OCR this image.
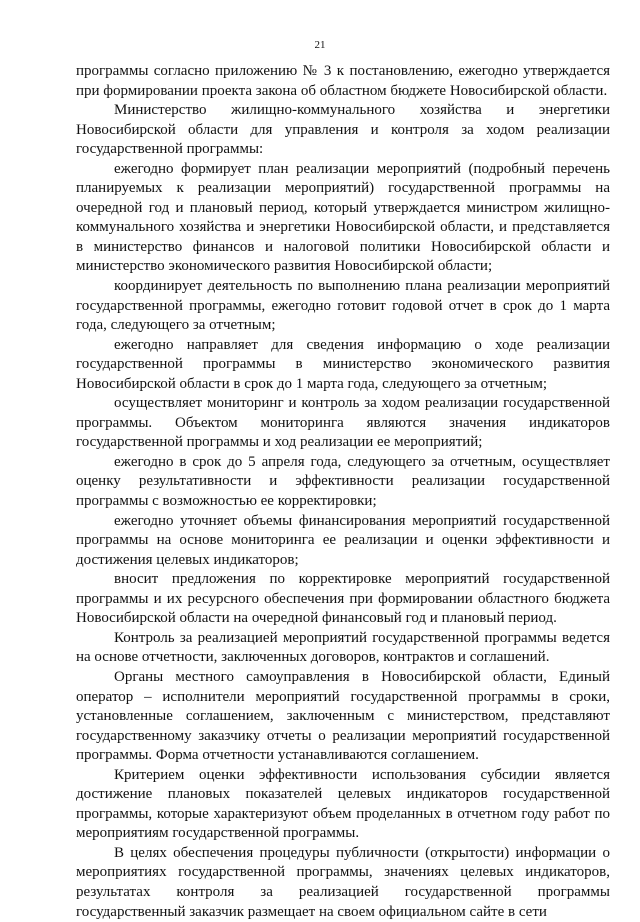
21

программы согласно приложению № 3 к постановлению, ежегодно утверждается при формировании проекта закона об областном бюджете Новосибирской области.

Министерство жилищно-коммунального хозяйства и энергетики Новосибирской области для управления и контроля за ходом реализации государственной программы:

ежегодно формирует план реализации мероприятий (подробный перечень планируемых к реализации мероприятий) государственной программы на очередной год и плановый период, который утверждается министром жилищно-коммунального хозяйства и энергетики Новосибирской области, и представляется в министерство финансов и налоговой политики Новосибирской области и министерство экономического развития Новосибирской области;

координирует деятельность по выполнению плана реализации мероприятий государственной программы, ежегодно готовит годовой отчет в срок до 1 марта года, следующего за отчетным;

ежегодно направляет для сведения информацию о ходе реализации государственной программы в министерство экономического развития Новосибирской области в срок до 1 марта года, следующего за отчетным;

осуществляет мониторинг и контроль за ходом реализации государственной программы. Объектом мониторинга являются значения индикаторов государственной программы и ход реализации ее мероприятий;

ежегодно в срок до 5 апреля года, следующего за отчетным, осуществляет оценку результативности и эффективности реализации государственной программы с возможностью ее корректировки;

ежегодно уточняет объемы финансирования мероприятий государственной программы на основе мониторинга ее реализации и оценки эффективности и достижения целевых индикаторов;

вносит предложения по корректировке мероприятий государственной программы и их ресурсного обеспечения при формировании областного бюджета Новосибирской области на очередной финансовый год и плановый период.

Контроль за реализацией мероприятий государственной программы ведется на основе отчетности, заключенных договоров, контрактов и соглашений.

Органы местного самоуправления в Новосибирской области, Единый оператор – исполнители мероприятий государственной программы в сроки, установленные соглашением, заключенным с министерством, представляют государственному заказчику отчеты о реализации мероприятий государственной программы. Форма отчетности устанавливаются соглашением.

Критерием оценки эффективности использования субсидии является достижение плановых показателей целевых индикаторов государственной программы, которые характеризуют объем проделанных в отчетном году работ по мероприятиям государственной программы.

В целях обеспечения процедуры публичности (открытости) информации о мероприятиях государственной программы, значениях целевых индикаторов, результатах контроля за реализацией государственной программы государственный заказчик размещает на своем официальном сайте в сети
